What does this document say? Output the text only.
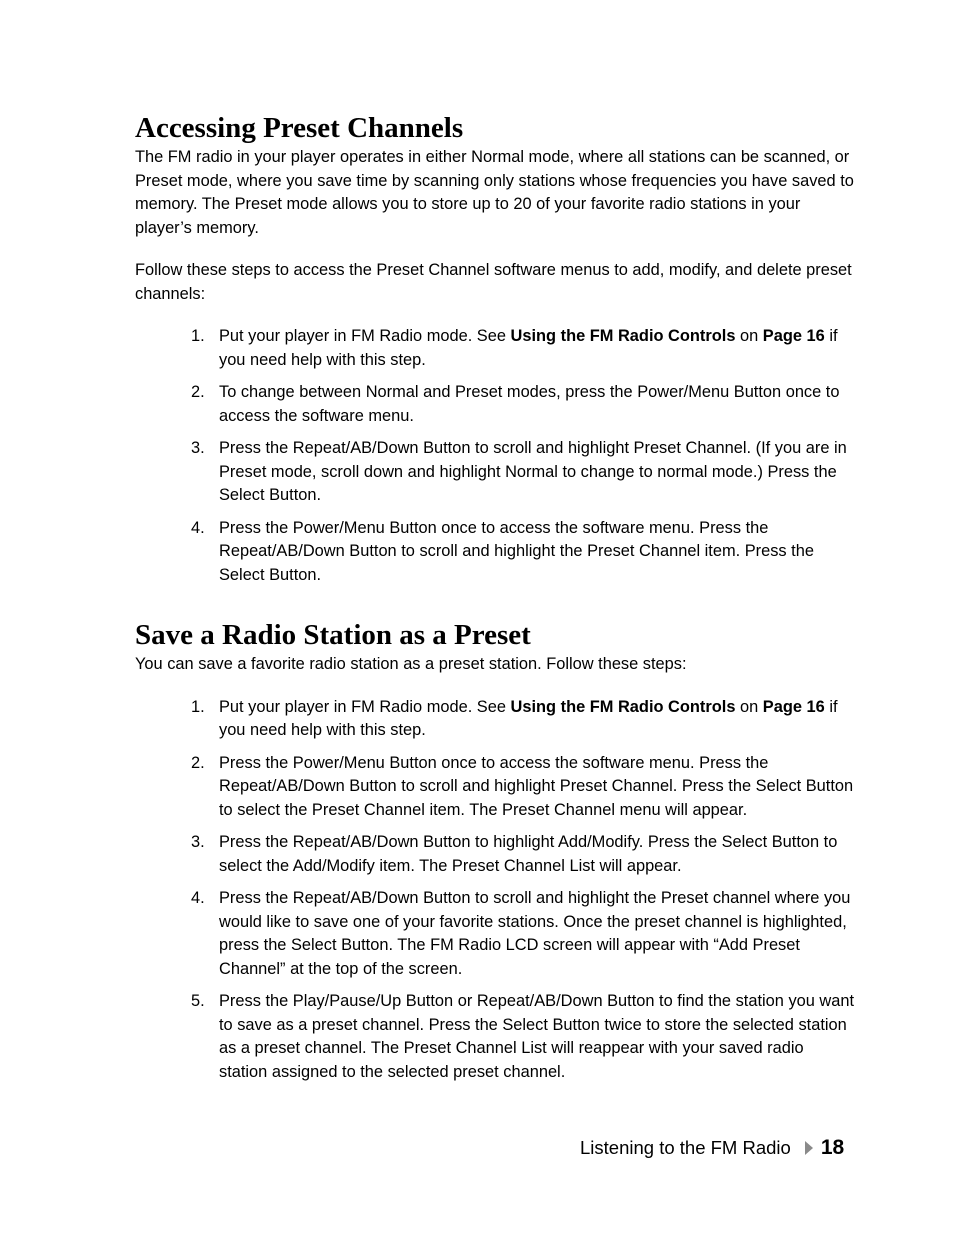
Accessing Preset Channels

The FM radio in your player operates in either Normal mode, where all stations can be scanned, or Preset mode, where you save time by scanning only stations whose frequencies you have saved to memory. The Preset mode allows you to store up to 20 of your favorite radio stations in your player’s memory.

Follow these steps to access the Preset Channel software menus to add, modify, and delete preset channels:

1. Put your player in FM Radio mode. See Using the FM Radio Controls on Page 16 if you need help with this step.
2. To change between Normal and Preset modes, press the Power/Menu Button once to access the software menu.
3. Press the Repeat/AB/Down Button to scroll and highlight Preset Channel. (If you are in Preset mode, scroll down and highlight Normal to change to normal mode.) Press the Select Button.
4. Press the Power/Menu Button once to access the software menu. Press the Repeat/AB/Down Button to scroll and highlight the Preset Channel item. Press the Select Button.
Save a Radio Station as a Preset

You can save a favorite radio station as a preset station. Follow these steps:

1. Put your player in FM Radio mode. See Using the FM Radio Controls on Page 16 if you need help with this step.
2. Press the Power/Menu Button once to access the software menu. Press the Repeat/AB/Down Button to scroll and highlight Preset Channel. Press the Select Button to select the Preset Channel item. The Preset Channel menu will appear.
3. Press the Repeat/AB/Down Button to highlight Add/Modify. Press the Select Button to select the Add/Modify item. The Preset Channel List will appear.
4. Press the Repeat/AB/Down Button to scroll and highlight the Preset channel where you would like to save one of your favorite stations. Once the preset channel is highlighted, press the Select Button. The FM Radio LCD screen will appear with “Add Preset Channel” at the top of the screen.
5. Press the Play/Pause/Up Button or Repeat/AB/Down Button to find the station you want to save as a preset channel. Press the Select Button twice to store the selected station as a preset channel. The Preset Channel List will reappear with your saved radio station assigned to the selected preset channel.
Listening to the FM Radio 18
